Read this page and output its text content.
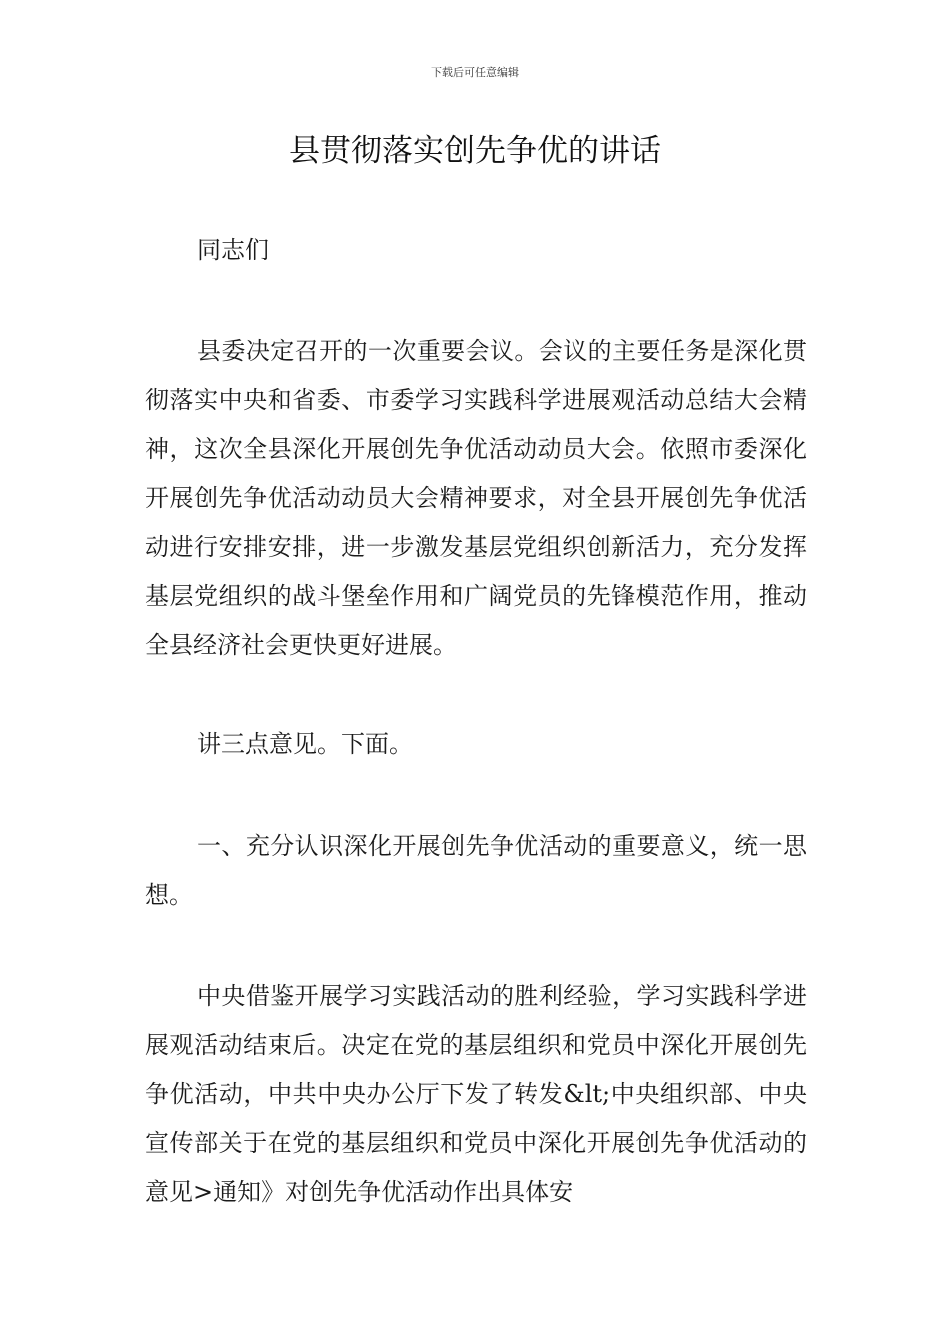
下载后可任意编辑
县贯彻落实创先争优的讲话

同志们

县委决定召开的一次重要会议。会议的主要任务是深化贯彻落实中央和省委、市委学习实践科学进展观活动总结大会精神，这次全县深化开展创先争优活动动员大会。依照市委深化开展创先争优活动动员大会精神要求，对全县开展创先争优活动进行安排安排，进一步激发基层党组织创新活力，充分发挥基层党组织的战斗堡垒作用和广阔党员的先锋模范作用，推动全县经济社会更快更好进展。

讲三点意见。下面。

一、充分认识深化开展创先争优活动的重要意义，统一思想。

中央借鉴开展学习实践活动的胜利经验，学习实践科学进展观活动结束后。决定在党的基层组织和党员中深化开展创先争优活动，中共中央办公厅下发了转发&lt;中央组织部、中央宣传部关于在党的基层组织和党员中深化开展创先争优活动的意见>通知》对创先争优活动作出具体安
